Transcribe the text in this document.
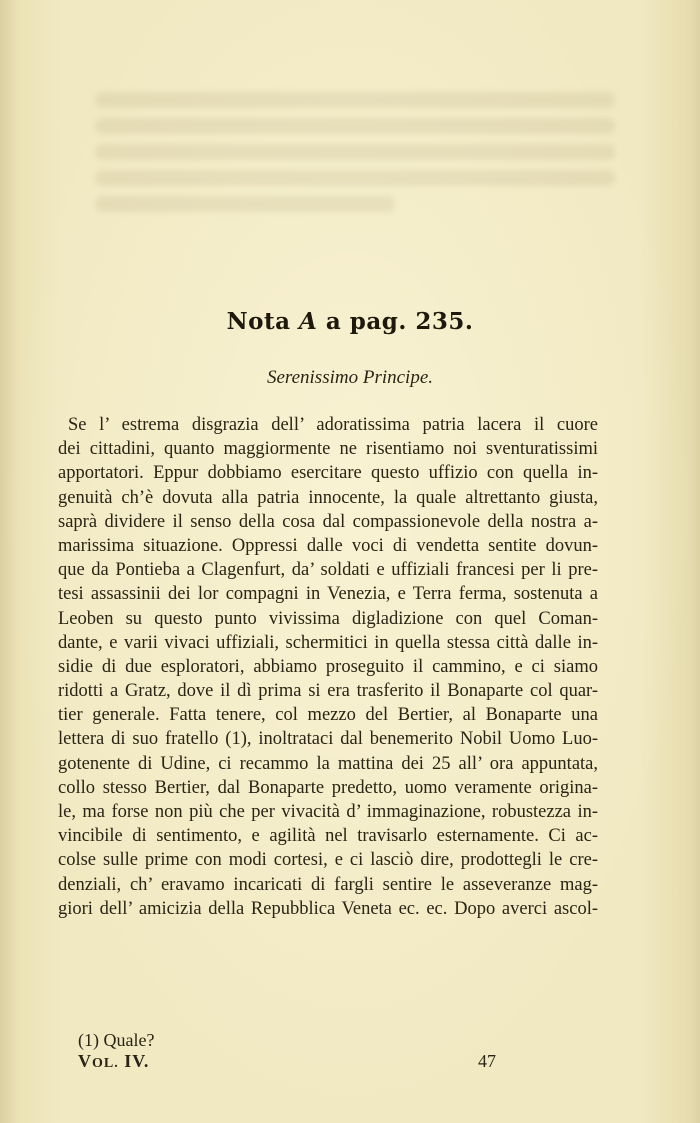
Nota A a pag. 235.
Serenissimo Principe.
Se l’ estrema disgrazia dell’ adoratissima patria lacera il cuore
dei cittadini, quanto maggiormente ne risentiamo noi sventuratissimi
apportatori. Eppur dobbiamo esercitare questo uffizio con quella in-
genuità ch’è dovuta alla patria innocente, la quale altrettanto giusta,
saprà dividere il senso della cosa dal compassionevole della nostra a-
marissima situazione. Oppressi dalle voci di vendetta sentite dovun-
que da Pontieba a Clagenfurt, da’ soldati e uffiziali francesi per li pre-
tesi assassinii dei lor compagni in Venezia, e Terra ferma, sostenuta a
Leoben su questo punto vivissima digladizione con quel Coman-
dante, e varii vivaci uffiziali, schermitici in quella stessa città dalle in-
sidie di due esploratori, abbiamo proseguito il cammino, e ci siamo
ridotti a Gratz, dove il dì prima si era trasferito il Bonaparte col quar-
tier generale. Fatta tenere, col mezzo del Bertier, al Bonaparte una
lettera di suo fratello (1), inoltrataci dal benemerito Nobil Uomo Luo-
gotenente di Udine, ci recammo la mattina dei 25 all’ ora appuntata,
collo stesso Bertier, dal Bonaparte predetto, uomo veramente origina-
le, ma forse non più che per vivacità d’ immaginazione, robustezza in-
vincibile di sentimento, e agilità nel travisarlo esternamente. Ci ac-
colse sulle prime con modi cortesi, e ci lasciò dire, prodottegli le cre-
denziali, ch’ eravamo incaricati di fargli sentire le asseveranze mag-
giori dell’ amicizia della Repubblica Veneta ec. ec. Dopo averci ascol-
(1) Quale?
VOL. IV.	47
